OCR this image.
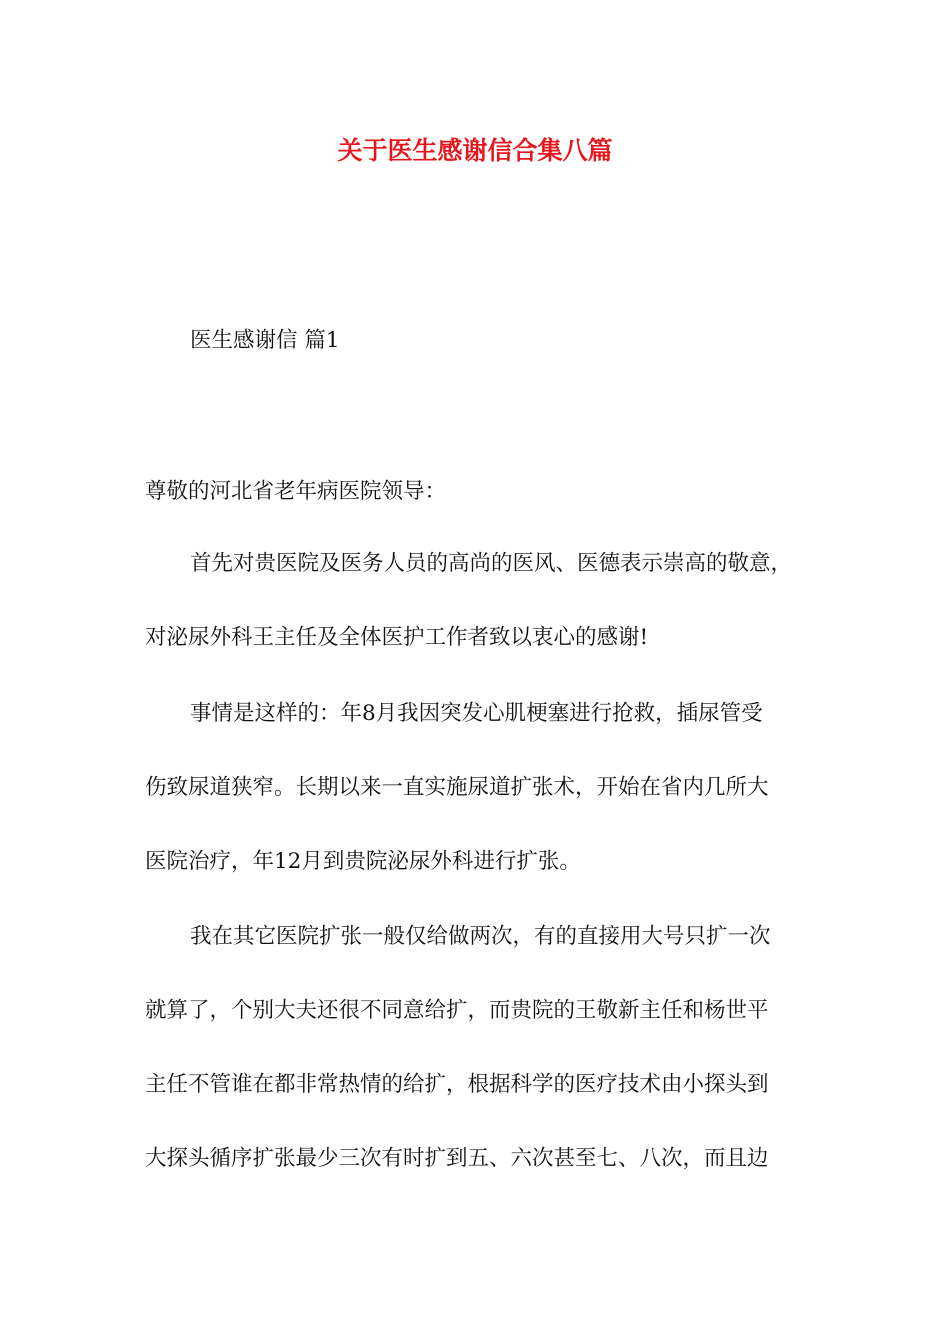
关于医生感谢信合集八篇
医生感谢信 篇1
尊敬的河北省老年病医院领导：
首先对贵医院及医务人员的高尚的医风、医德表示崇高的敬意，
对泌尿外科王主任及全体医护工作者致以衷心的感谢!
事情是这样的：年8月我因突发心肌梗塞进行抢救，插尿管受
伤致尿道狭窄。长期以来一直实施尿道扩张术，开始在省内几所大
医院治疗，年12月到贵院泌尿外科进行扩张。
我在其它医院扩张一般仅给做两次，有的直接用大号只扩一次
就算了，个别大夫还很不同意给扩，而贵院的王敬新主任和杨世平
主任不管谁在都非常热情的给扩，根据科学的医疗技术由小探头到
大探头循序扩张最少三次有时扩到五、六次甚至七、八次，而且边
